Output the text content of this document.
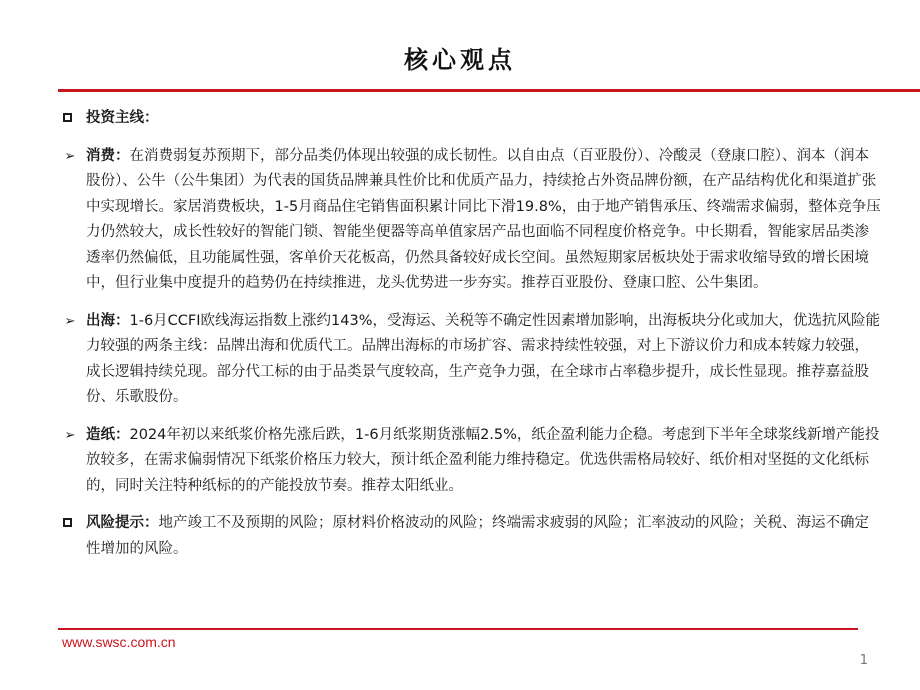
核心观点
投资主线：
➢ 消费：在消费弱复苏预期下，部分品类仍体现出较强的成长韧性。以自由点（百亚股份）、冷酸灵（登康口腔）、润本（润本股份）、公牛（公牛集团）为代表的国货品牌兼具性价比和优质产品力，持续抢占外资品牌份额，在产品结构优化和渠道扩张中实现增长。家居消费板块，1-5月商品住宅销售面积累计同比下滑19.8%，由于地产销售承压、终端需求偏弱，整体竞争压力仍然较大，成长性较好的智能门锁、智能坐便器等高单值家居产品也面临不同程度价格竞争。中长期看，智能家居品类渗透率仍然偏低，且功能属性强，客单价天花板高，仍然具备较好成长空间。虽然短期家居板块处于需求收缩导致的增长困境中，但行业集中度提升的趋势仍在持续推进，龙头优势进一步夯实。推荐百亚股份、登康口腔、公牛集团。
➢ 出海：1-6月CCFI欧线海运指数上涨约143%，受海运、关税等不确定性因素增加影响，出海板块分化或加大，优选抗风险能力较强的两条主线：品牌出海和优质代工。品牌出海标的市场扩容、需求持续性较强，对上下游议价力和成本转嫁力较强，成长逻辑持续兑现。部分代工标的由于品类景气度较高，生产竞争力强，在全球市占率稳步提升，成长性显现。推荐嘉益股份、乐歌股份。
➢ 造纸：2024年初以来纸浆价格先涨后跌，1-6月纸浆期货涨幅2.5%，纸企盈利能力企稳。考虑到下半年全球浆线新增产能投放较多，在需求偏弱情况下纸浆价格压力较大，预计纸企盈利能力维持稳定。优选供需格局较好、纸价相对坚挺的文化纸标的，同时关注特种纸标的的产能投放节奏。推荐太阳纸业。
风险提示：地产竣工不及预期的风险；原材料价格波动的风险；终端需求疲弱的风险；汇率波动的风险；关税、海运不确定性增加的风险。
www.swsc.com.cn
1
